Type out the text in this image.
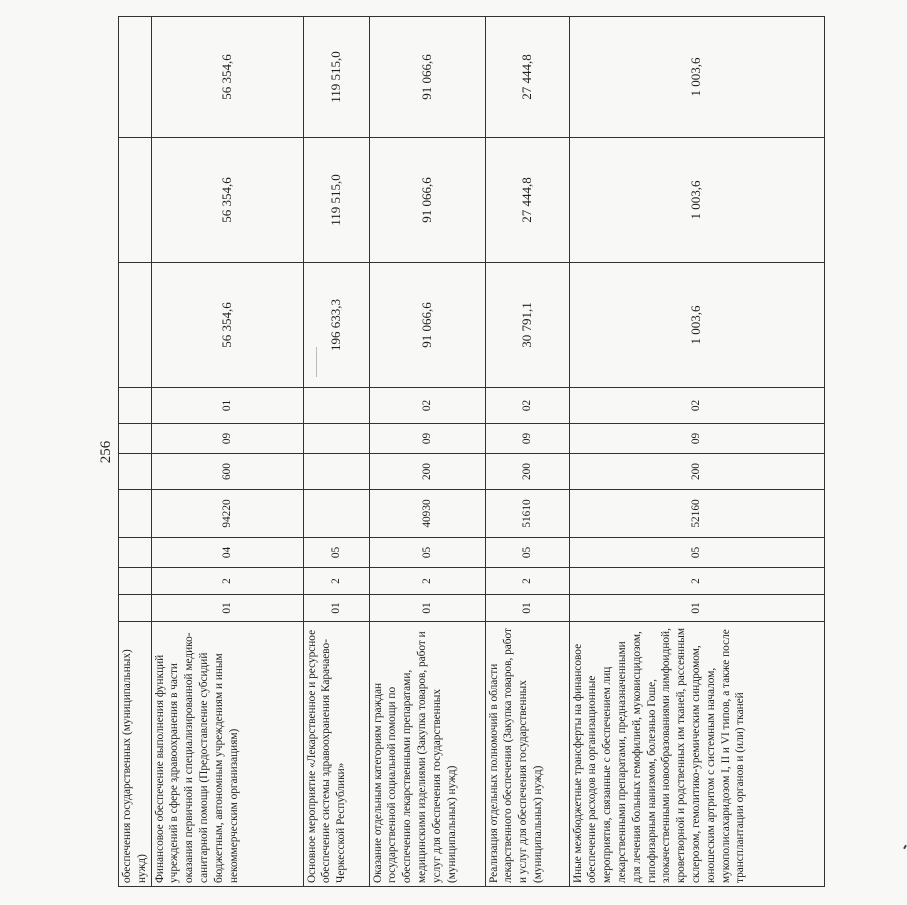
256
обеспечения государственных (муниципальных) нужд)										
Финансовое обеспечение выполнения функций учреждений в сфере здравоохранения в части оказания первичной и специализированной медико-санитарной помощи (Предоставление субсидий бюджетным, автономным учреждениям и иным некоммерческим организациям)	01	2	04	94220	600	09	01	56 354,6	56 354,6	56 354,6
Основное мероприятие «Лекарственное и ресурсное обеспечение системы здравоохранения Карачаево-Черкесской Республики»	01	2	05					196 633,3	119 515,0	119 515,0
Оказание отдельным категориям граждан государственной социальной помощи по обеспечению лекарственными препаратами, медицинскими изделиями (Закупка товаров, работ и услуг для обеспечения государственных (муниципальных) нужд)	01	2	05	40930	200	09	02	91 066,6	91 066,6	91 066,6
Реализация отдельных полномочий в области лекарственного обеспечения (Закупка товаров, работ и услуг для обеспечения государственных (муниципальных) нужд)	01	2	05	51610	200	09	02	30 791,1	27 444,8	27 444,8
Иные межбюджетные трансферты на финансовое обеспечение расходов на организационные мероприятия, связанные с обеспечением лиц лекарственными препаратами, предназначенными для лечения больных гемофилией, муковисцидозом, гипофизарным нанизмом, болезнью Гоше, злокачественными новообразованиями лимфоидной, кроветворной и родственных им тканей, рассеянным склерозом, гемолитико-уремическим синдромом, юношеским артритом с системным началом, мукополисахаридозом I, II и VI типов, а также после трансплантации органов и (или) тканей	01	2	05	52160	200	09	02	1 003,6	1 003,6	1 003,6
